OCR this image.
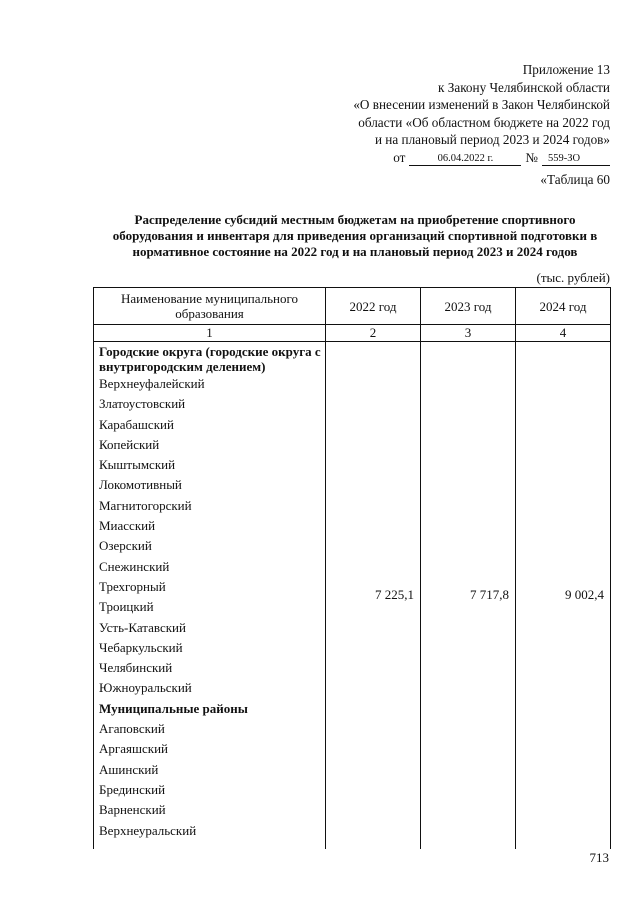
Приложение 13
к Закону Челябинской области
«О внесении изменений в Закон Челябинской
области «Об областном бюджете на 2022 год
и на плановый период 2023 и 2024 годов»
от	06.04.2022 г.	№ 559-ЗО
«Таблица 60
Распределение субсидий местным бюджетам на приобретение спортивного оборудования и инвентаря для приведения организаций спортивной подготовки в нормативное состояние на 2022 год и на плановый период 2023 и 2024 годов
(тыс. рублей)
Наименование муниципального образования	2022 год	2023 год	2024 год
1	2	3	4
Городские округа (городские округа с внутригородским делением)	7 225,1	7 717,8	9 002,4
Верхнеуфалейский			
Златоустовский			
Карабашский			
Копейский			
Кыштымский			
Локомотивный			
Магнитогорский			
Миасский			
Озерский			
Снежинский			
Трехгорный			
Троицкий			
Усть-Катавский			
Чебаркульский			
Челябинский			
Южноуральский			
Муниципальные районы			
Агаповский			
Аргаяшский			
Ашинский			
Брединский			
Варненский			
Верхнеуральский			

713
